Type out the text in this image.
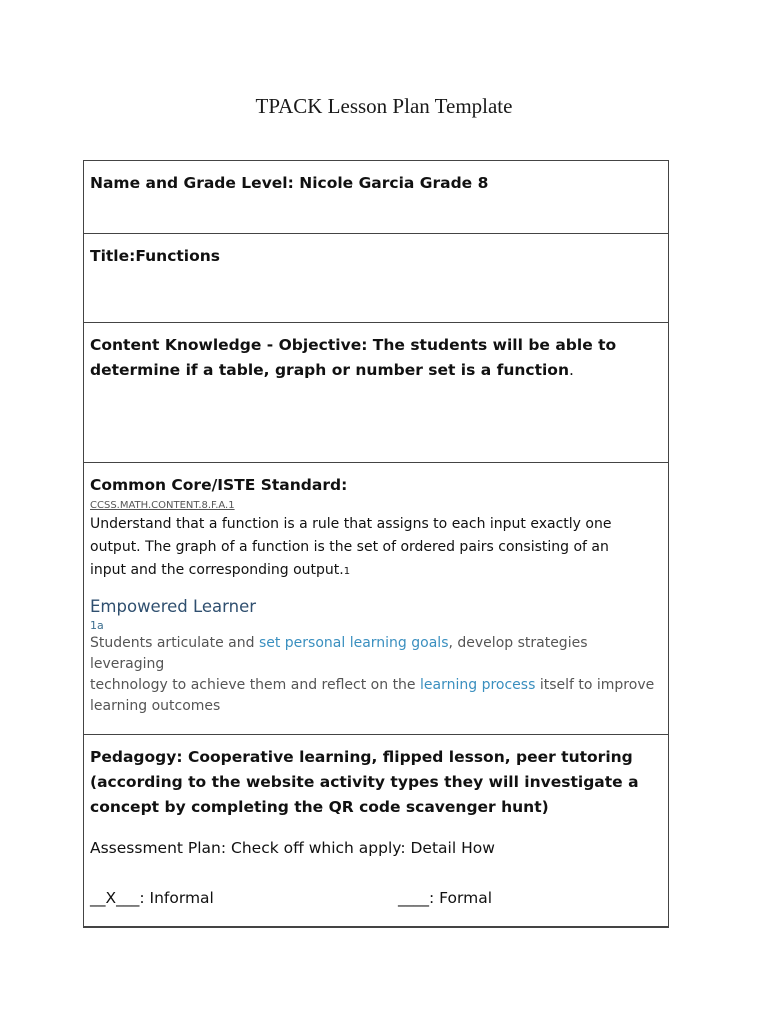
TPACK Lesson Plan Template
Name and Grade Level: Nicole Garcia Grade 8
Title:Functions
Content Knowledge - Objective: The students will be able to
determine if a table, graph or number set is a function.
Common Core/ISTE Standard:
CCSS.MATH.CONTENT.8.F.A.1
Understand that a function is a rule that assigns to each input exactly one
output. The graph of a function is the set of ordered pairs consisting of an
input and the corresponding output.1
Empowered Learner
1a
Students articulate and set personal learning goals, develop strategies leveraging
technology to achieve them and reflect on the learning process itself to improve
learning outcomes
Pedagogy: Cooperative learning, flipped lesson, peer tutoring
(according to the website activity types they will investigate a
concept by completing the QR code scavenger hunt)
Assessment Plan: Check off which apply: Detail How
__X___: Informal	____: Formal
